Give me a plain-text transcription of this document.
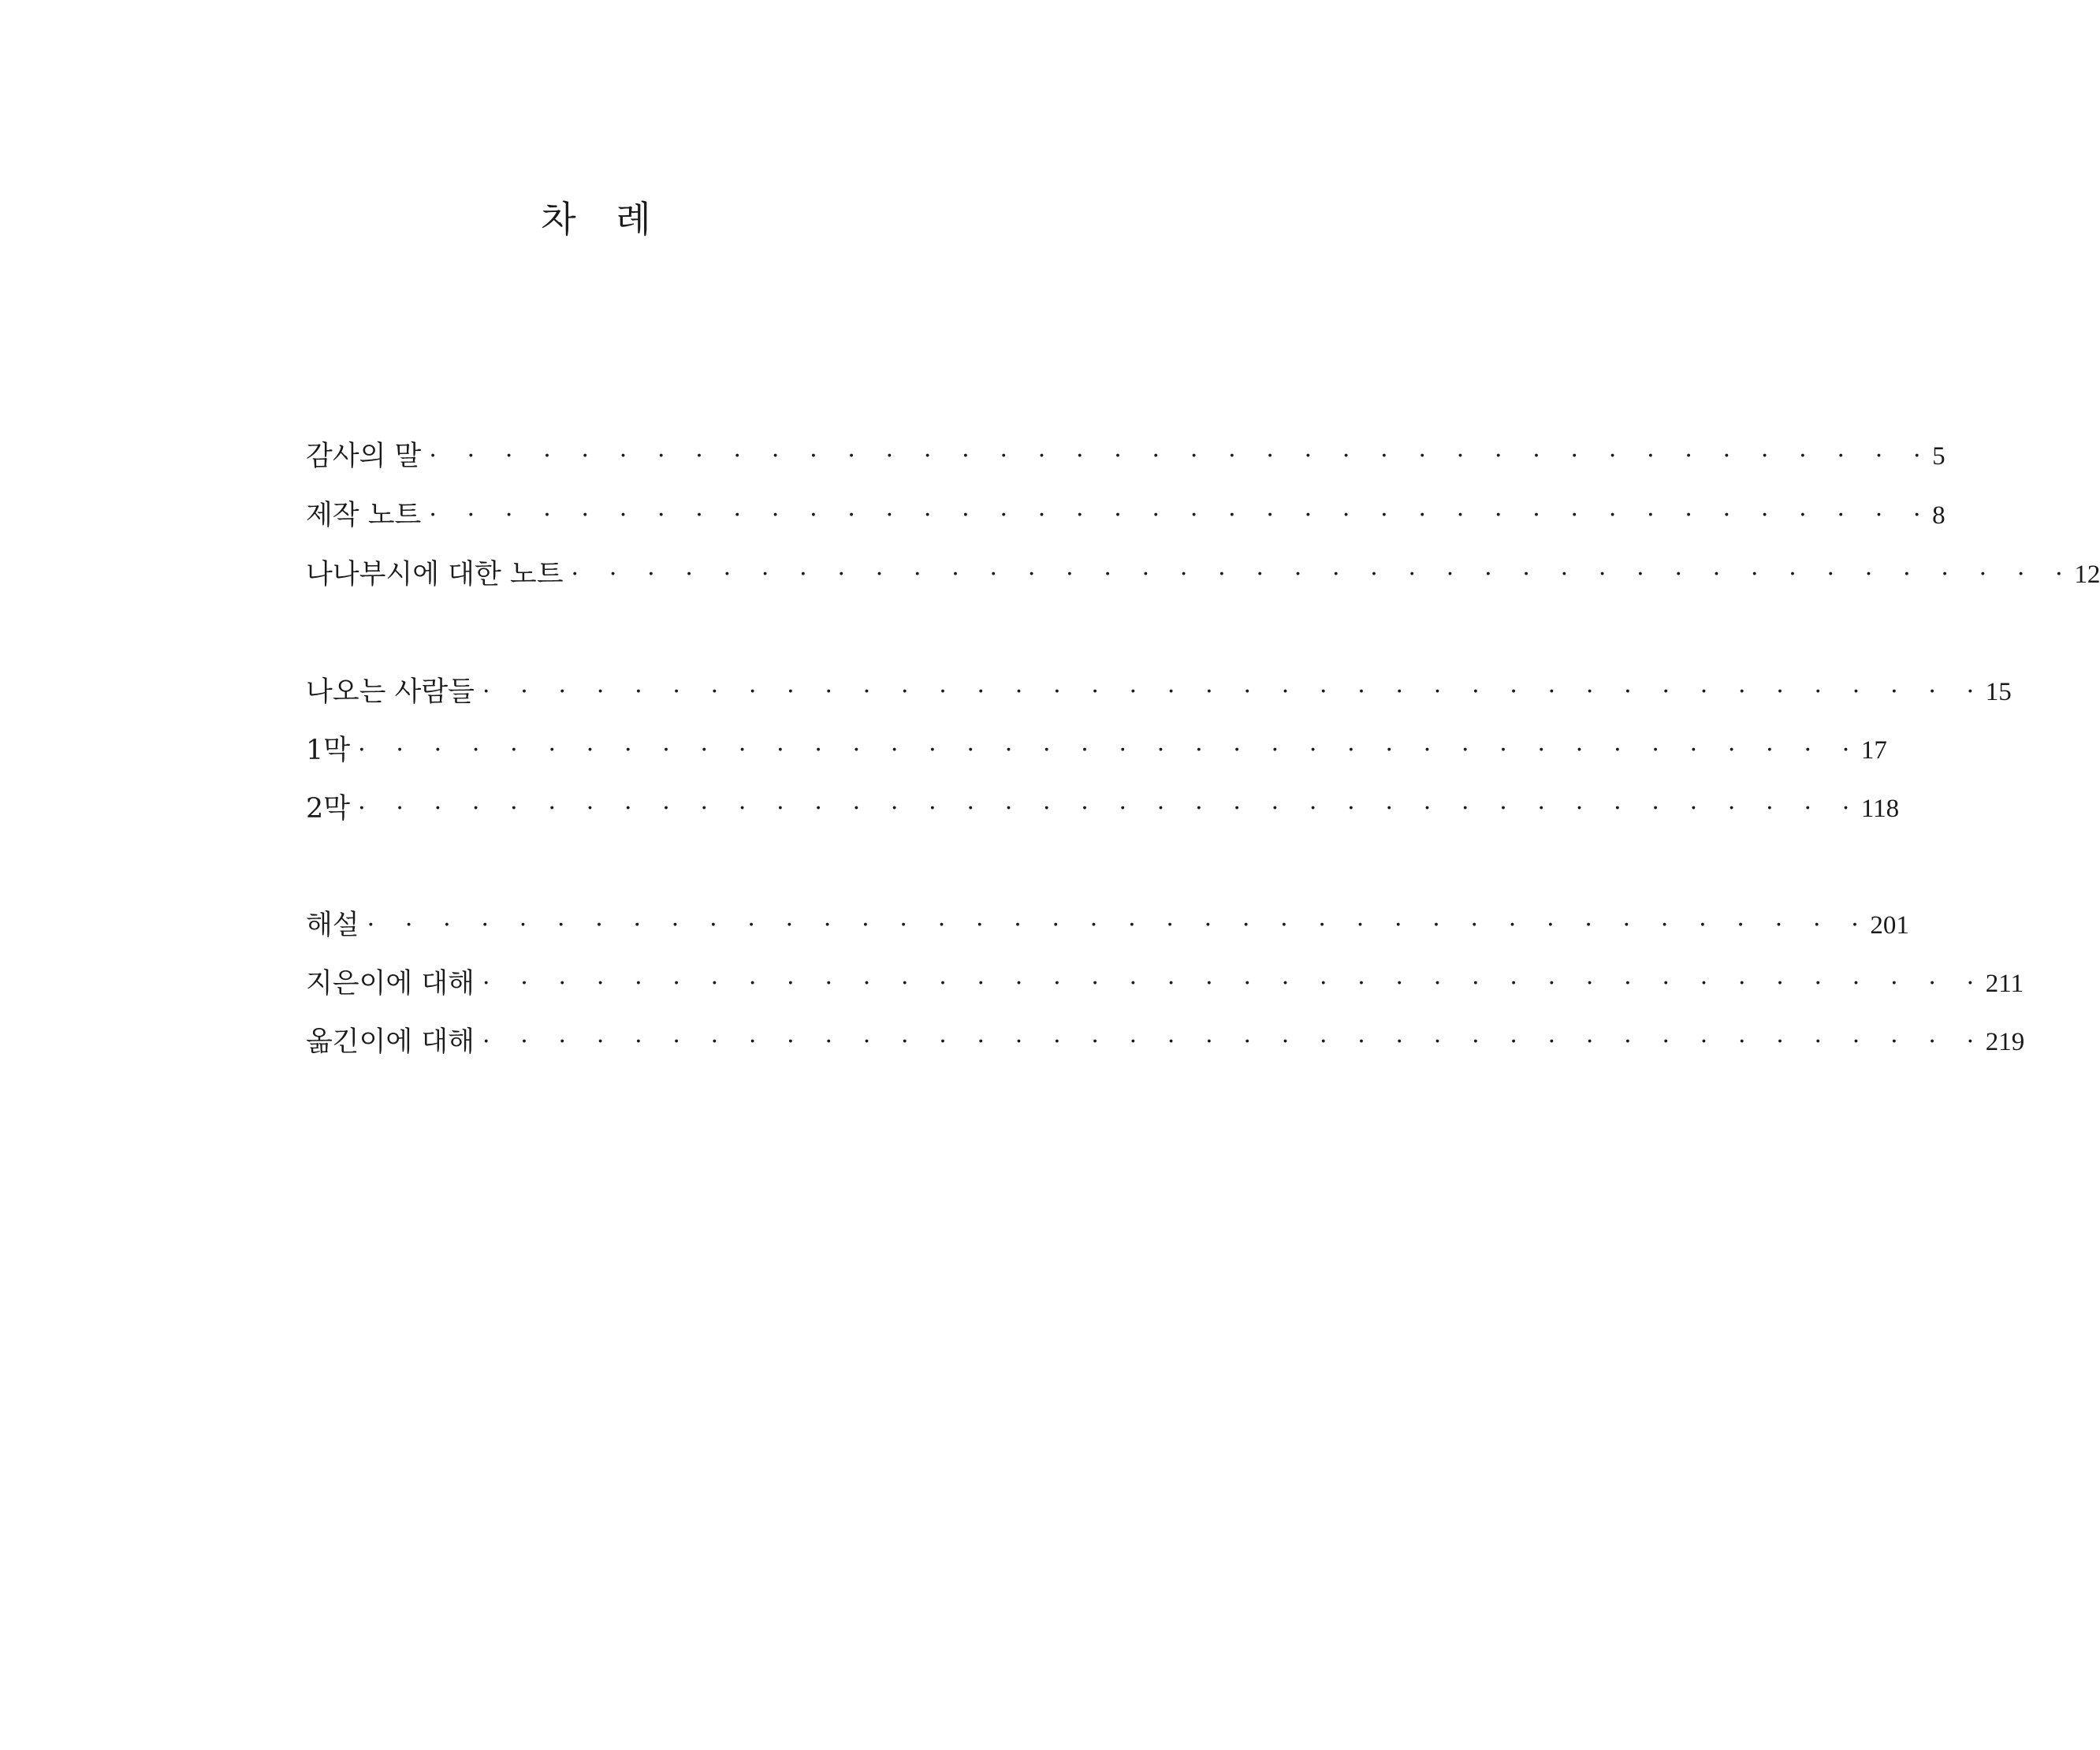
차 례
감사의 말 · · · · · · · · · · · · · · · · · · · · · · · · · · · · · · · · · · · · · · · · 5
제작 노트 · · · · · · · · · · · · · · · · · · · · · · · · · · · · · · · · · · · · · · · · 8
나나부시에 대한 노트 · · · · · · · · · · · · · · · · · · · · · · · · · · · · · · · · · · · · · · · · 12
나오는 사람들 · · · · · · · · · · · · · · · · · · · · · · · · · · · · · · · · · · · · · · · · 15
1막 · · · · · · · · · · · · · · · · · · · · · · · · · · · · · · · · · · · · · · · · 17
2막 · · · · · · · · · · · · · · · · · · · · · · · · · · · · · · · · · · · · · · · · 118
해설 · · · · · · · · · · · · · · · · · · · · · · · · · · · · · · · · · · · · · · · · 201
지은이에 대해 · · · · · · · · · · · · · · · · · · · · · · · · · · · · · · · · · · · · · · · · 211
옮긴이에 대해 · · · · · · · · · · · · · · · · · · · · · · · · · · · · · · · · · · · · · · · · 219
